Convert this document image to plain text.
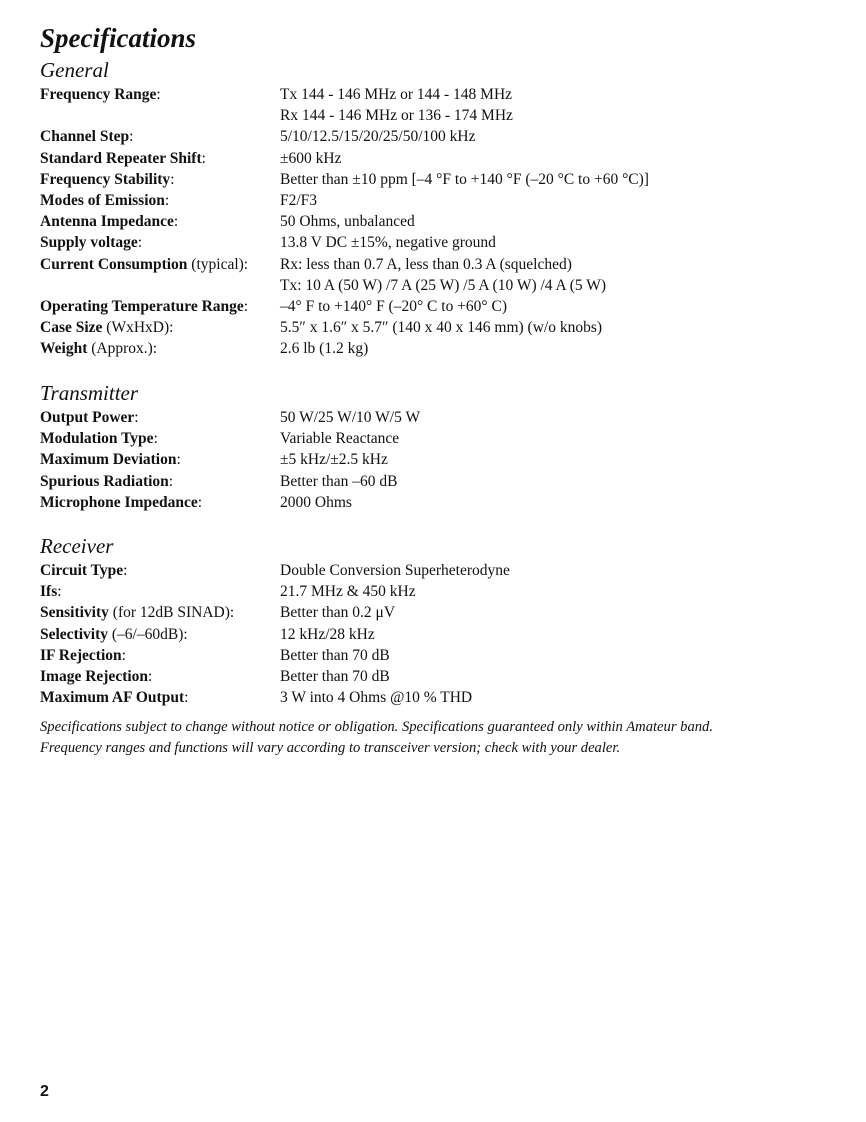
Specifications
General
Frequency Range:	Tx 144 - 146 MHz or 144 - 148 MHz
Rx 144 - 146 MHz or 136 - 174 MHz
Channel Step:	5/10/12.5/15/20/25/50/100 kHz
Standard Repeater Shift:	±600 kHz
Frequency Stability:	Better than ±10 ppm [–4 °F to +140 °F (–20 °C to +60 °C)]
Modes of Emission:	F2/F3
Antenna Impedance:	50 Ohms, unbalanced
Supply voltage:	13.8 V DC ±15%, negative ground
Current Consumption (typical):	Rx: less than 0.7 A, less than 0.3 A (squelched)
Tx: 10 A (50 W) /7 A (25 W) /5 A (10 W) /4 A (5 W)
Operating Temperature Range:	–4° F to +140° F (–20° C to +60° C)
Case Size (WxHxD):	5.5″ x 1.6″ x 5.7″ (140 x 40 x 146 mm) (w/o knobs)
Weight (Approx.):	2.6 lb (1.2 kg)
Transmitter
Output Power:	50 W/25 W/10 W/5 W
Modulation Type:	Variable Reactance
Maximum Deviation:	±5 kHz/±2.5 kHz
Spurious Radiation:	Better than –60 dB
Microphone Impedance:	2000 Ohms
Receiver
Circuit Type:	Double Conversion Superheterodyne
Ifs:	21.7 MHz & 450 kHz
Sensitivity (for 12dB SINAD):	Better than 0.2 μV
Selectivity (–6/–60dB):	12 kHz/28 kHz
IF Rejection:	Better than 70 dB
Image Rejection:	Better than 70 dB
Maximum AF Output:	3 W into 4 Ohms @10 % THD

Specifications subject to change without notice or obligation. Specifications guaranteed only within Amateur band.
Frequency ranges and functions will vary according to transceiver version; check with your dealer.

2
